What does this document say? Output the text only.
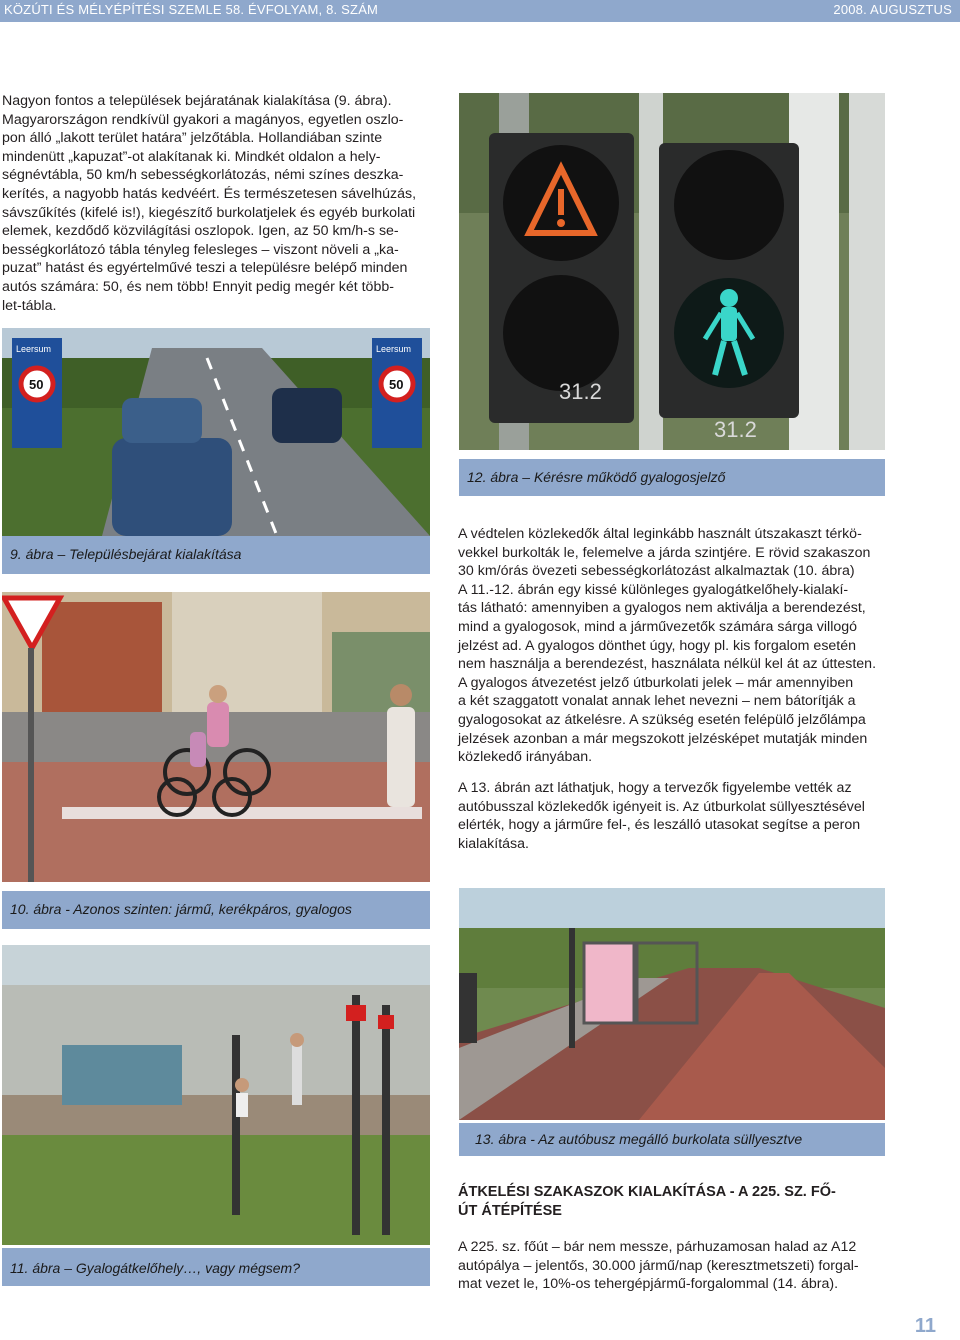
KÖZÚTI ÉS MÉLYÉPÍTÉSI SZEMLE 58. ÉVFOLYAM, 8. SZÁM	2008. AUGUSZTUS
Nagyon fontos a települések bejáratának kialakítása (9. ábra).
Magyarországon rendkívül gyakori a magányos, egyetlen oszlo-
pon álló „lakott terület határa” jelzőtábla. Hollandiában szinte
mindenütt „kapuzat”-ot alakítanak ki. Mindkét oldalon a hely-
ségnévtábla, 50 km/h sebességkorlátozás, némi színes deszka-
kerítés, a nagyobb hatás kedvéért. És természetesen sávelhúzás,
sávszűkítés (kifelé is!), kiegészítő burkolatjelek és egyéb burkolati
elemek, kezdődő közvilágítási oszlopok. Igen, az 50 km/h-s se-
bességkorlátozó tábla tényleg felesleges – viszont növeli a „ka-
puzat” hatást és egyértelművé teszi a településre belépő minden
autós számára: 50, és nem több! Ennyit pedig megér két több-
let-tábla.
31.2
31.2
12. ábra – Kérésre működő gyalogosjelző
Leersum
50
Leersum
50
9. ábra – Településbejárat kialakítása
A védtelen közlekedők által leginkább használt útszakaszt térkö-
vekkel burkolták le, felemelve a járda szintjére. E rövid szakaszon
30 km/órás övezeti sebességkorlátozást alkalmaztak (10. ábra)
A 11.-12. ábrán egy kissé különleges gyalogátkelőhely-kialakí-
tás látható: amennyiben a gyalogos nem aktiválja a berendezést,
mind a gyalogosok, mind a járművezetők számára sárga villogó
jelzést ad. A gyalogos dönthet úgy, hogy pl. kis forgalom esetén
nem használja a berendezést, használata nélkül kel át az úttesten.
A gyalogos átvezetést jelző útburkolati jelek – már amennyiben
a két szaggatott vonalat annak lehet nevezni – nem bátorítják a
gyalogosokat az átkelésre. A szükség esetén felépülő jelzőlámpa
jelzések azonban a már megszokott jelzésképet mutatják minden
közlekedő irányában.
A 13. ábrán azt láthatjuk, hogy a tervezők figyelembe vették az
autóbusszal közlekedők igényeit is. Az útburkolat süllyesztésével
elérték, hogy a járműre fel-, és leszálló utasokat segítse a peron
kialakítása.
10. ábra - Azonos szinten: jármű, kerékpáros, gyalogos
11. ábra – Gyalogátkelőhely…, vagy mégsem?
13. ábra - Az autóbusz megálló burkolata süllyesztve
ÁTKELÉSI SZAKASZOK KIALAKÍTÁSA - A 225. SZ. FŐ-
ÚT ÁTÉPÍTÉSE
A 225. sz. főút – bár nem messze, párhuzamosan halad az A12
autópálya – jelentős, 30.000 jármű/nap (keresztmetszeti) forgal-
mat vezet le, 10%-os tehergépjármű-forgalommal (14. ábra).
11
